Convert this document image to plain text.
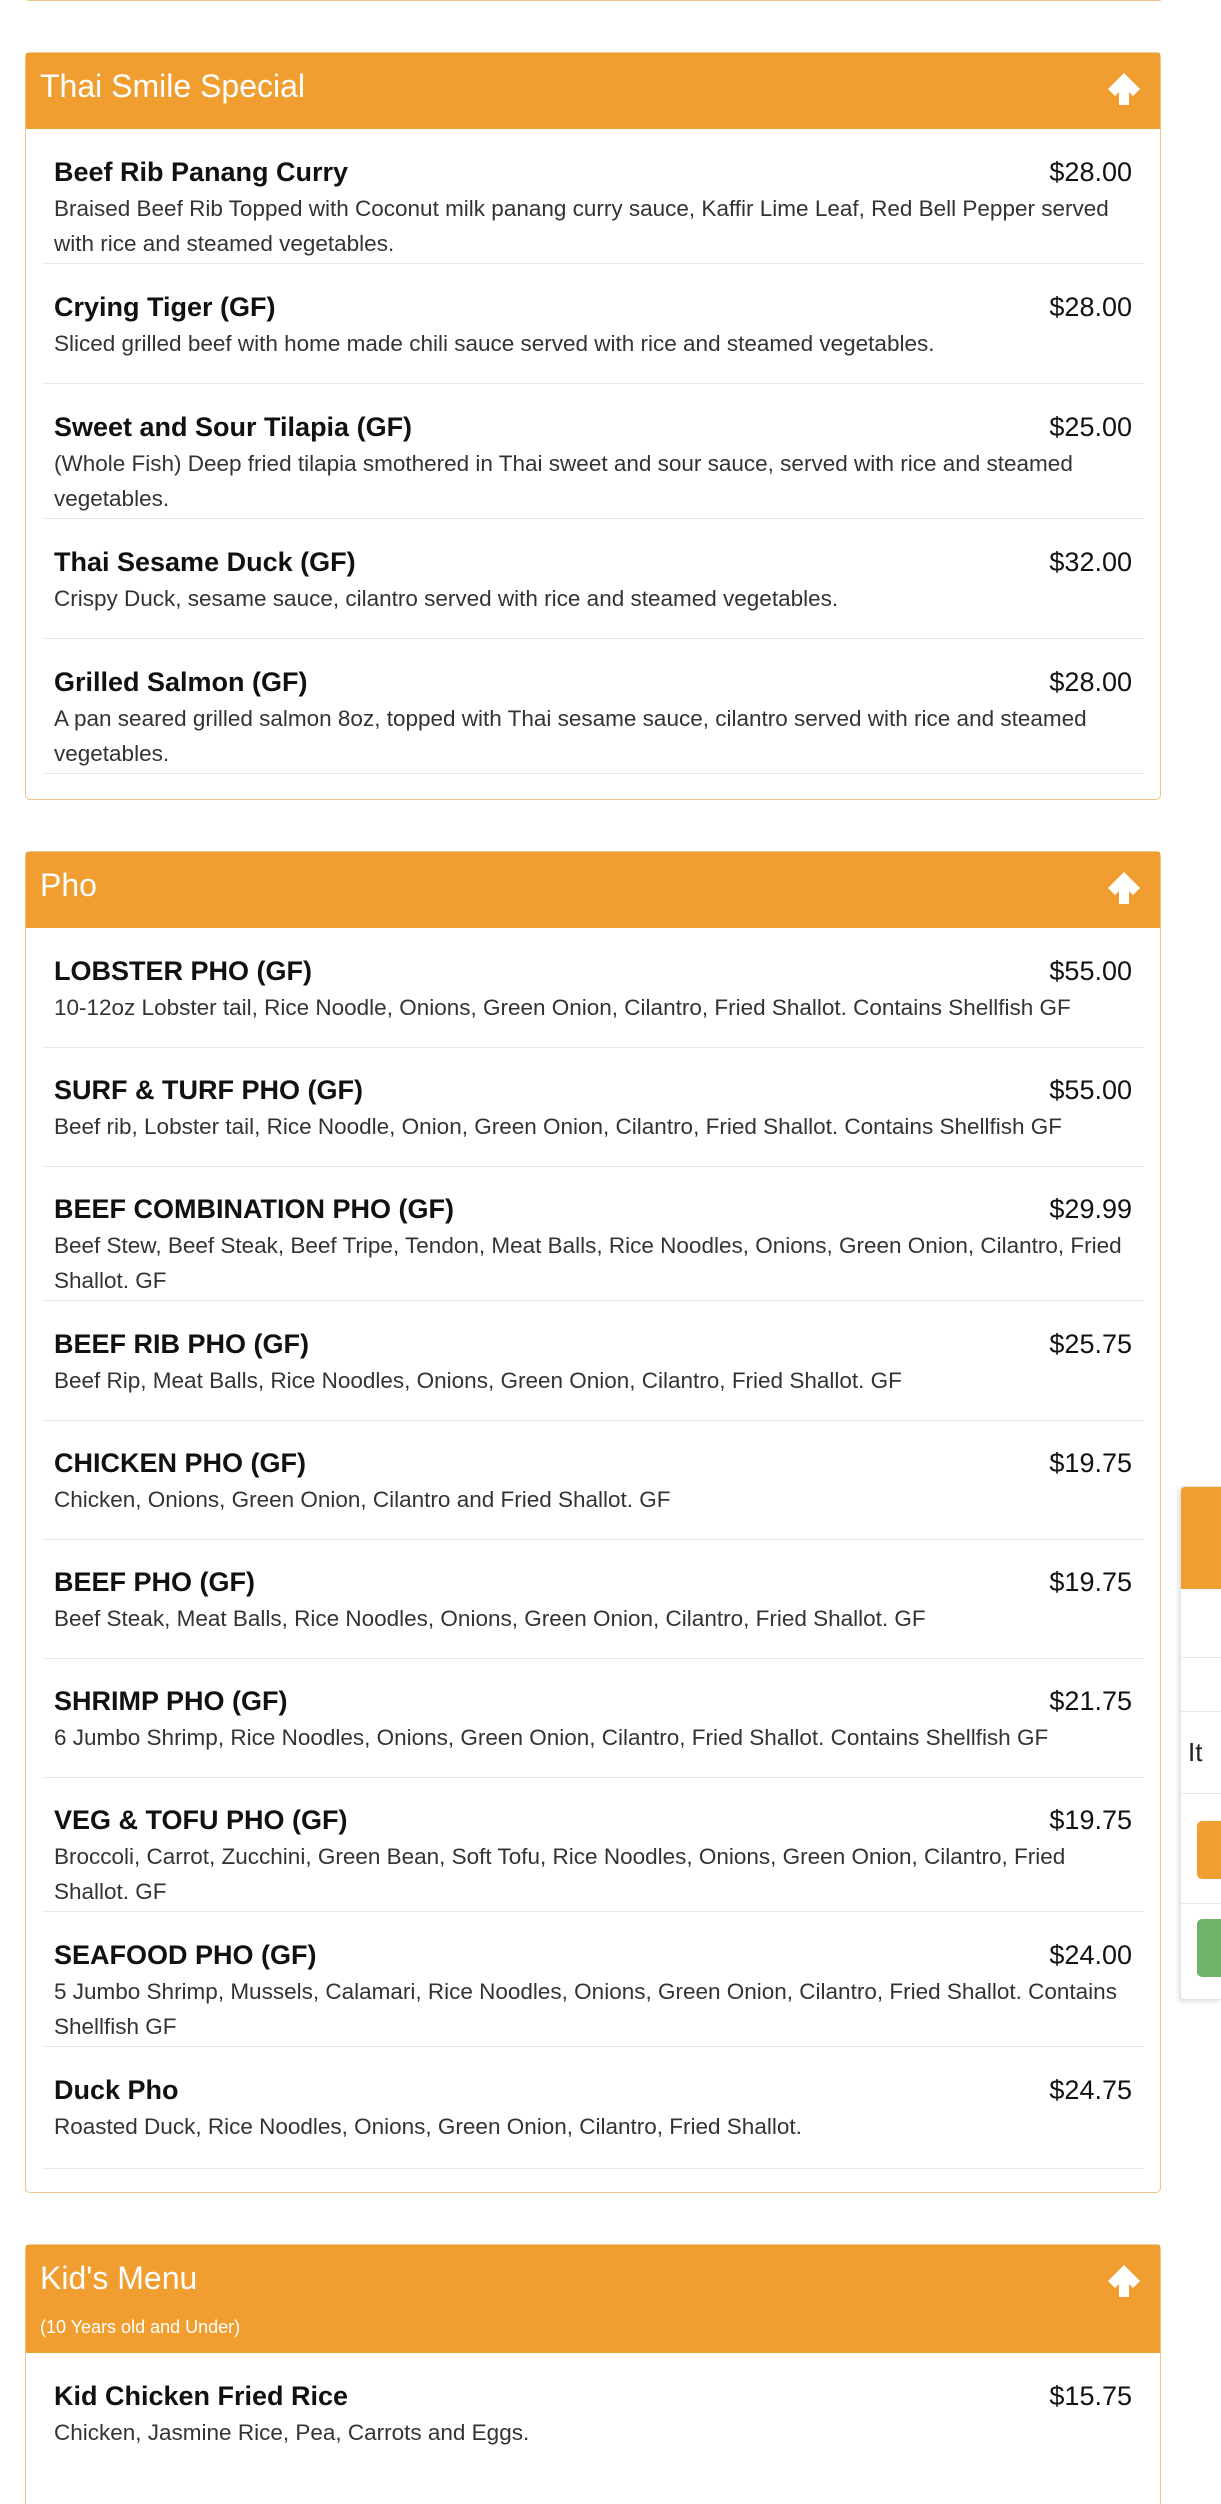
Thai Smile Special
Beef Rib Panang Curry	$28.00
Braised Beef Rib Topped with Coconut milk panang curry sauce, Kaffir Lime Leaf, Red Bell Pepper served with rice and steamed vegetables.
Crying Tiger (GF)	$28.00
Sliced grilled beef with home made chili sauce served with rice and steamed vegetables.
Sweet and Sour Tilapia (GF)	$25.00
(Whole Fish) Deep fried tilapia smothered in Thai sweet and sour sauce, served with rice and steamed vegetables.
Thai Sesame Duck (GF)	$32.00
Crispy Duck, sesame sauce, cilantro served with rice and steamed vegetables.
Grilled Salmon (GF)	$28.00
A pan seared grilled salmon 8oz, topped with Thai sesame sauce, cilantro served with rice and steamed vegetables.
Pho
LOBSTER PHO (GF)	$55.00
10-12oz Lobster tail, Rice Noodle, Onions, Green Onion, Cilantro, Fried Shallot. Contains Shellfish GF
SURF & TURF PHO (GF)	$55.00
Beef rib, Lobster tail, Rice Noodle, Onion, Green Onion, Cilantro, Fried Shallot. Contains Shellfish GF
BEEF COMBINATION PHO (GF)	$29.99
Beef Stew, Beef Steak, Beef Tripe, Tendon, Meat Balls, Rice Noodles, Onions, Green Onion, Cilantro, Fried Shallot. GF
BEEF RIB PHO (GF)	$25.75
Beef Rip, Meat Balls, Rice Noodles, Onions, Green Onion, Cilantro, Fried Shallot. GF
CHICKEN PHO (GF)	$19.75
Chicken, Onions, Green Onion, Cilantro and Fried Shallot. GF
BEEF PHO (GF)	$19.75
Beef Steak, Meat Balls, Rice Noodles, Onions, Green Onion, Cilantro, Fried Shallot. GF
SHRIMP PHO (GF)	$21.75
6 Jumbo Shrimp, Rice Noodles, Onions, Green Onion, Cilantro, Fried Shallot. Contains Shellfish GF
VEG & TOFU PHO (GF)	$19.75
Broccoli, Carrot, Zucchini, Green Bean, Soft Tofu, Rice Noodles, Onions, Green Onion, Cilantro, Fried Shallot. GF
SEAFOOD PHO (GF)	$24.00
5 Jumbo Shrimp, Mussels, Calamari, Rice Noodles, Onions, Green Onion, Cilantro, Fried Shallot. Contains Shellfish GF
Duck Pho	$24.75
Roasted Duck, Rice Noodles, Onions, Green Onion, Cilantro, Fried Shallot.
Kid's Menu
(10 Years old and Under)
Kid Chicken Fried Rice	$15.75
Chicken, Jasmine Rice, Pea, Carrots and Eggs.
It
